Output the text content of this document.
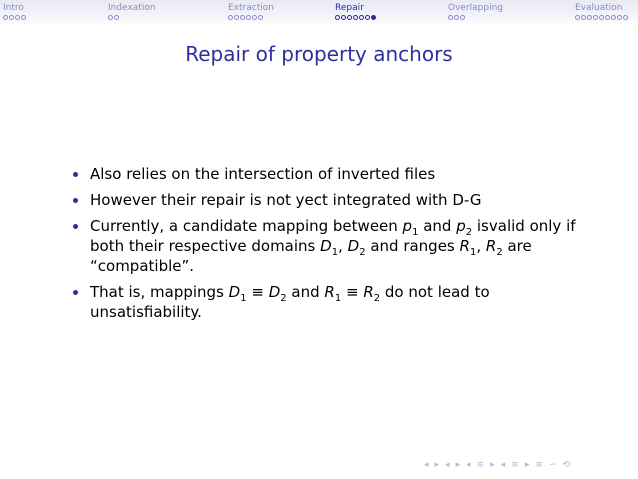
Intro	Indexation	Extraction	Repair	Overlapping	Evaluation
Repair of property anchors
Also relies on the intersection of inverted files
However their repair is not yect integrated with D-G
Currently, a candidate mapping between $p_1$ and $p_2$ isvalid only if both their respective domains $D_1$, $D_2$ and ranges $R_1$, $R_2$ are “compatible”.
That is, mappings $D_1 \equiv D_2$ and $R_1 \equiv R_2$ do not lead to unsatisfiability.
◂ ▸ ◂ ▸ ◂ ≡ ▸ ◂ ≡ ▸ ≡ ∽ ⟲
